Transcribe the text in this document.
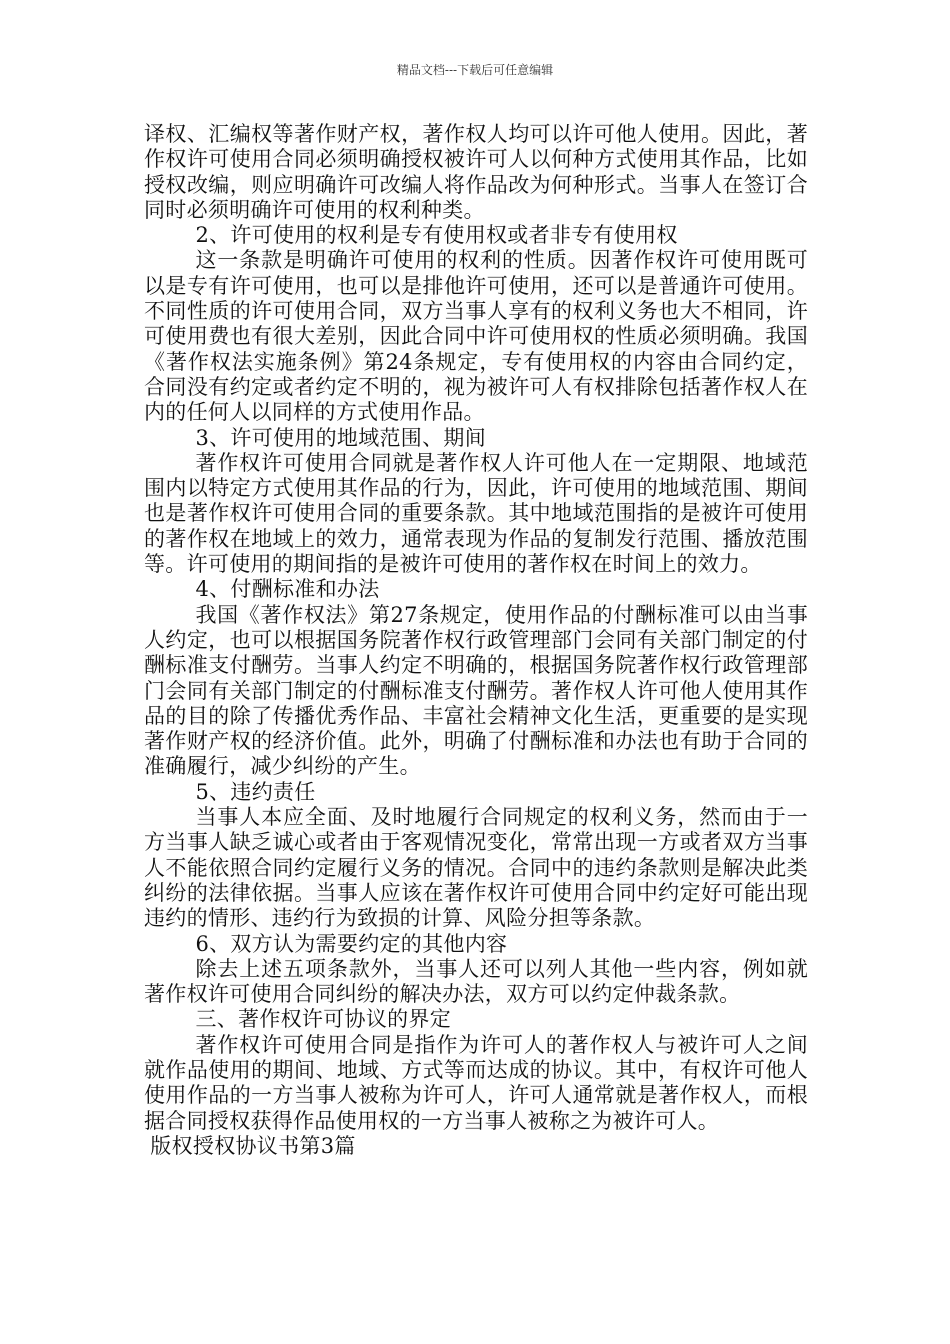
精品文档---下载后可任意编辑

译权、汇编权等著作财产权，著作权人均可以许可他人使用。因此，著作权许可使用合同必须明确授权被许可人以何种方式使用其作品，比如授权改编，则应明确许可改编人将作品改为何种形式。当事人在签订合同时必须明确许可使用的权利种类。

2、许可使用的权利是专有使用权或者非专有使用权

这一条款是明确许可使用的权利的性质。因著作权许可使用既可以是专有许可使用，也可以是排他许可使用，还可以是普通许可使用。不同性质的许可使用合同，双方当事人享有的权利义务也大不相同，许可使用费也有很大差别，因此合同中许可使用权的性质必须明确。我国《著作权法实施条例》第24条规定，专有使用权的内容由合同约定，合同没有约定或者约定不明的，视为被许可人有权排除包括著作权人在内的任何人以同样的方式使用作品。

3、许可使用的地域范围、期间

著作权许可使用合同就是著作权人许可他人在一定期限、地域范围内以特定方式使用其作品的行为，因此，许可使用的地域范围、期间也是著作权许可使用合同的重要条款。其中地域范围指的是被许可使用的著作权在地域上的效力，通常表现为作品的复制发行范围、播放范围等。许可使用的期间指的是被许可使用的著作权在时间上的效力。

4、付酬标准和办法

我国《著作权法》第27条规定，使用作品的付酬标准可以由当事人约定，也可以根据国务院著作权行政管理部门会同有关部门制定的付酬标准支付酬劳。当事人约定不明确的，根据国务院著作权行政管理部门会同有关部门制定的付酬标准支付酬劳。著作权人许可他人使用其作品的目的除了传播优秀作品、丰富社会精神文化生活，更重要的是实现著作财产权的经济价值。此外，明确了付酬标准和办法也有助于合同的准确履行，减少纠纷的产生。

5、违约责任

当事人本应全面、及时地履行合同规定的权利义务，然而由于一方当事人缺乏诚心或者由于客观情况变化，常常出现一方或者双方当事人不能依照合同约定履行义务的情况。合同中的违约条款则是解决此类纠纷的法律依据。当事人应该在著作权许可使用合同中约定好可能出现违约的情形、违约行为致损的计算、风险分担等条款。

6、双方认为需要约定的其他内容

除去上述五项条款外，当事人还可以列人其他一些内容，例如就著作权许可使用合同纠纷的解决办法，双方可以约定仲裁条款。

三、著作权许可协议的界定

著作权许可使用合同是指作为许可人的著作权人与被许可人之间就作品使用的期间、地域、方式等而达成的协议。其中，有权许可他人使用作品的一方当事人被称为许可人，许可人通常就是著作权人，而根据合同授权获得作品使用权的一方当事人被称之为被许可人。

版权授权协议书第3篇
